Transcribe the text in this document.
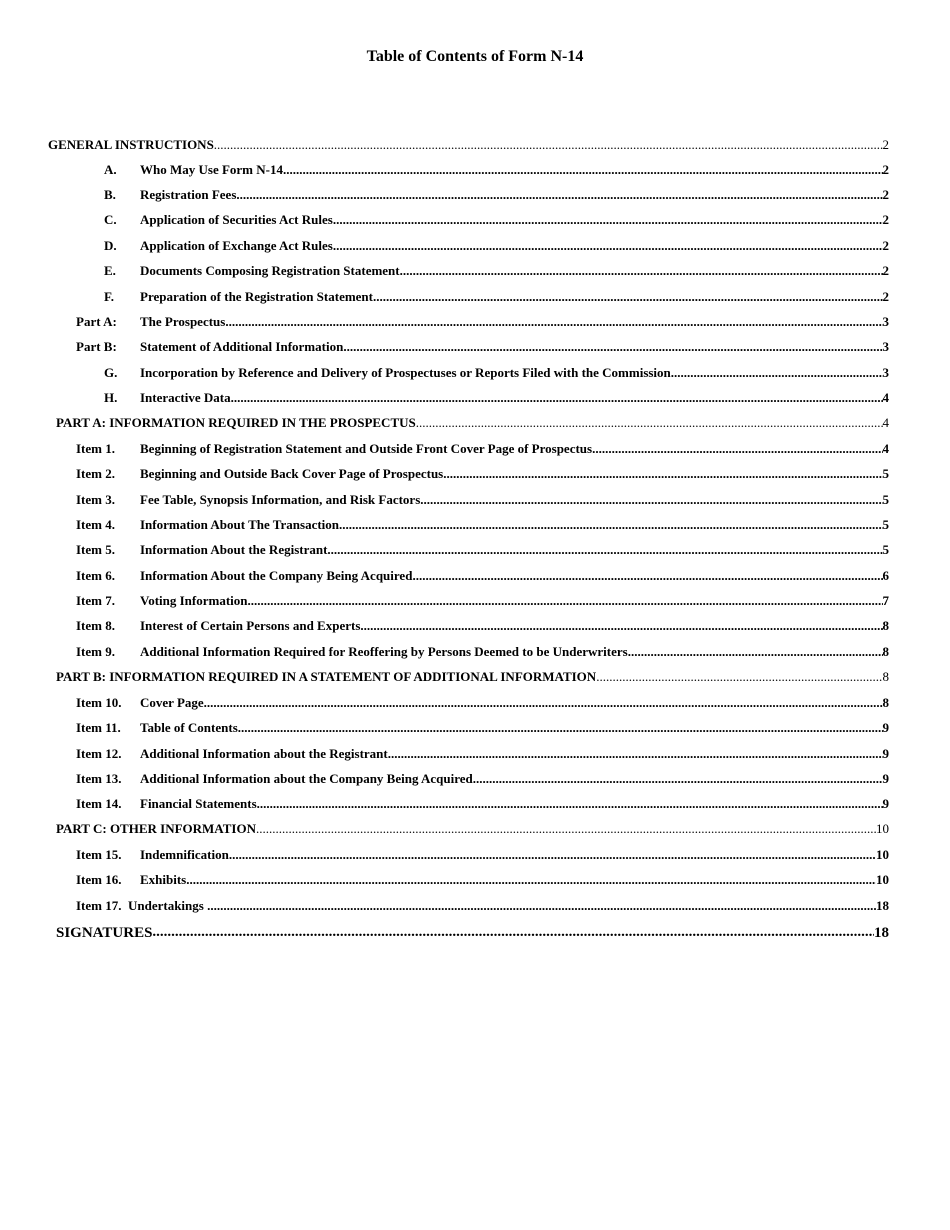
Table of Contents of Form N-14
GENERAL INSTRUCTIONS .....	2
A.	Who May Use Form N-14 .....	2
B.	Registration Fees .....	2
C.	Application of Securities Act Rules .....	2
D.	Application of Exchange Act Rules .....	2
E.	Documents Composing Registration Statement .....	2
F.	Preparation of the Registration Statement .....	2
Part A:	The Prospectus .....	3
Part B:	Statement of Additional Information .....	3
G.	Incorporation by Reference and Delivery of Prospectuses or Reports Filed with the Commission .....	3
H.	Interactive Data .....	4
PART A: INFORMATION REQUIRED IN THE PROSPECTUS .....	4
Item 1.	Beginning of Registration Statement and Outside Front Cover Page of Prospectus .....	4
Item 2.	Beginning and Outside Back Cover Page of Prospectus .....	5
Item 3.	Fee Table, Synopsis Information, and Risk Factors .....	5
Item 4.	Information About The Transaction .....	5
Item 5.	Information About the Registrant .....	5
Item 6.	Information About the Company Being Acquired .....	6
Item 7.	Voting Information .....	7
Item 8.	Interest of Certain Persons and Experts .....	8
Item 9.	Additional Information Required for Reoffering by Persons Deemed to be Underwriters .....	8
PART B: INFORMATION REQUIRED IN A STATEMENT OF ADDITIONAL INFORMATION .....	8
Item 10.	Cover Page .....	8
Item 11.	Table of Contents .....	9
Item 12.	Additional Information about the Registrant .....	9
Item 13.	Additional Information about the Company Being Acquired .....	9
Item 14.	Financial Statements .....	9
PART C: OTHER INFORMATION .....	10
Item 15.	Indemnification .....	10
Item 16.	Exhibits .....	10
Item 17.  Undertakings .....	18
SIGNATURES .....	18
